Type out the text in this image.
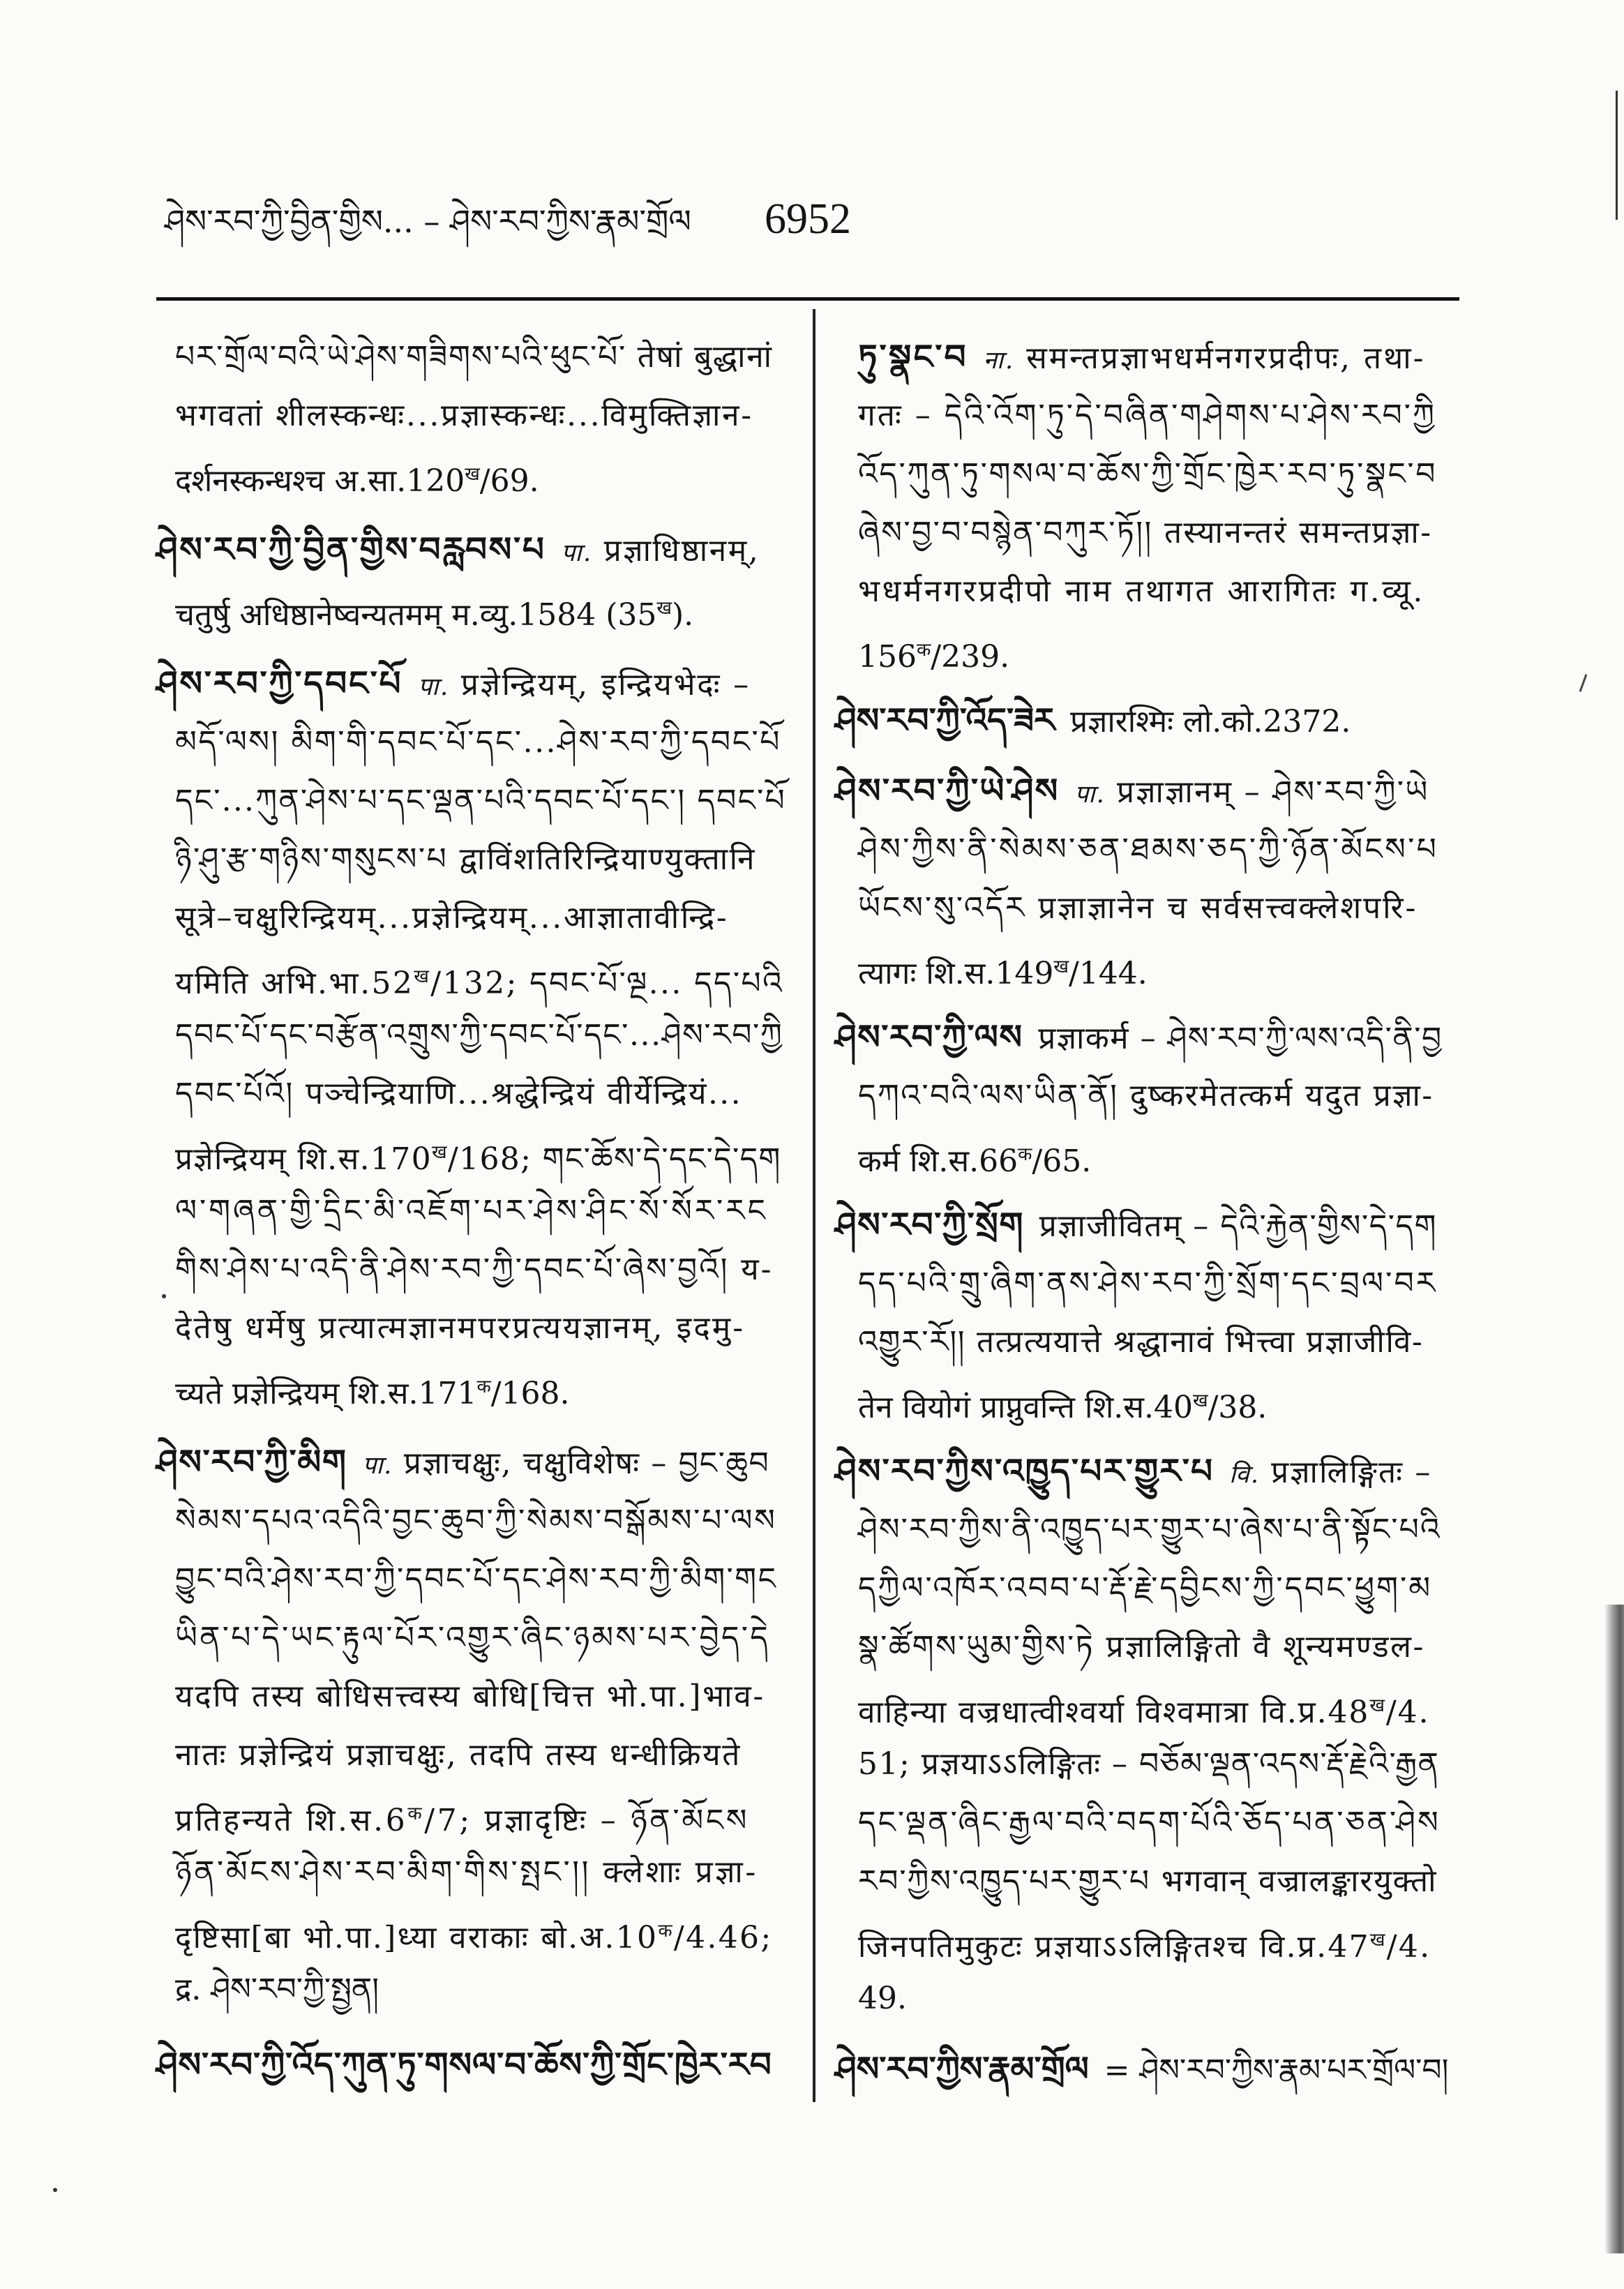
ཤེས་རབ་ཀྱི་བྱིན་གྱིས... – ཤེས་རབ་ཀྱིས་རྣམ་གྲོལ	6952
པར་གྲོལ་བའི་ཡེ་ཤེས་གཟིགས་པའི་ཕུང་པོ་ तेषां बुद्धानां
भगवतां शीलस्कन्धः...प्रज्ञास्कन्धः...विमुक्तिज्ञान-
दर्शनस्कन्धश्च $अ.सा.120^ख/69$.
ཤེས་རབ་ཀྱི་བྱིན་གྱིས་བརླབས་པ पा. प्रज्ञाधिष्ठानम्,
चतुर्षु अधिष्ठानेष्वन्यतमम् म.व्यु.1584 $(35^ख)$.
ཤེས་རབ་ཀྱི་དབང་པོ पा. प्रज्ञेन्द्रियम्, इन्द्रियभेदः –
མདོ་ལས། མིག་གི་དབང་པོ་དང་...ཤེས་རབ་ཀྱི་དབང་པོ
དང་...ཀུན་ཤེས་པ་དང་ལྡན་པའི་དབང་པོ་དང་། དབང་པོ
ཉི་ཤུ་རྩ་གཉིས་གསུངས་པ द्वाविंशतिरिन्द्रियाण्युक्तानि
सूत्रे–चक्षुरिन्द्रियम्...प्रज्ञेन्द्रियम्...आज्ञातावीन्द्रि-
यमिति $अभि.भा.52^ख/132$; དབང་པོ་ལྔ... དད་པའི
དབང་པོ་དང་བརྩོན་འགྲུས་ཀྱི་དབང་པོ་དང་...ཤེས་རབ་ཀྱི
དབང་པོའོ། पञ्चेन्द्रियाणि...श्रद्धेन्द्रियं वीर्येन्द्रियं...
प्रज्ञेन्द्रियम् $शि.स.170^ख/168$; གང་ཆོས་དེ་དང་དེ་དག
ལ་གཞན་གྱི་དྲིང་མི་འཇོག་པར་ཤེས་ཤིང་སོ་སོར་རང
གིས་ཤེས་པ་འདི་ནི་ཤེས་རབ་ཀྱི་དབང་པོ་ཞེས་བྱའོ། य-
देतेषु धर्मेषु प्रत्यात्मज्ञानमपरप्रत्ययज्ञानम्, इदमु-
च्यते प्रज्ञेन्द्रियम् $शि.स.171^क/168$.
ཤེས་རབ་ཀྱི་མིག पा. प्रज्ञाचक्षुः, चक्षुविशेषः – བྱང་ཆུབ
སེམས་དཔའ་འདིའི་བྱང་ཆུབ་ཀྱི་སེམས་བསྒོམས་པ་ལས
བྱུང་བའི་ཤེས་རབ་ཀྱི་དབང་པོ་དང་ཤེས་རབ་ཀྱི་མིག་གང
ཡིན་པ་དེ་ཡང་རྟུལ་པོར་འགྱུར་ཞིང་ཉམས་པར་བྱེད་དེ
यदपि तस्य बोधिसत्त्वस्य बोधि[चित्त भो.पा.]भाव-
नातः प्रज्ञेन्द्रियं प्रज्ञाचक्षुः, तदपि तस्य धन्धीक्रियते
प्रतिहन्यते $शि.स.6^क/7$; प्रज्ञादृष्टिः – ཉོན་མོངས
ཉོན་མོངས་ཤེས་རབ་མིག་གིས་སྤང་།། क्लेशाः प्रज्ञा-
दृष्टिसा[बा भो.पा.]ध्या वराकाः $बो.अ.10^क/4.46$;
द्र. ཤེས་རབ་ཀྱི་སྤྱན།
ཤེས་རབ་ཀྱི་འོད་ཀུན་ཏུ་གསལ་བ་ཆོས་ཀྱི་གྲོང་ཁྱེར་རབ
ཏུ་སྣང་བ ना. समन्तप्रज्ञाभधर्मनगरप्रदीपः, तथा-
गतः – དེའི་འོག་ཏུ་དེ་བཞིན་གཤེགས་པ་ཤེས་རབ་ཀྱི
འོད་ཀུན་ཏུ་གསལ་བ་ཆོས་ཀྱི་གྲོང་ཁྱེར་རབ་ཏུ་སྣང་བ
ཞེས་བྱ་བ་བསྙེན་བཀུར་ཏོ།། तस्यानन्तरं समन्तप्रज्ञा-
भधर्मनगरप्रदीपो नाम तथागत आरागितः ग.व्यू.
$156^क/239$.
ཤེས་རབ་ཀྱི་འོད་ཟེར प्रज्ञारश्मिः लो.को.2372.
ཤེས་རབ་ཀྱི་ཡེ་ཤེས पा. प्रज्ञाज्ञानम् – ཤེས་རབ་ཀྱི་ཡེ
ཤེས་ཀྱིས་ནི་སེམས་ཅན་ཐམས་ཅད་ཀྱི་ཉོན་མོངས་པ
ཡོངས་སུ་འདོར प्रज्ञाज्ञानेन च सर्वसत्त्वक्लेशपरि-
त्यागः $शि.स.149^ख/144$.
ཤེས་རབ་ཀྱི་ལས प्रज्ञाकर्म – ཤེས་རབ་ཀྱི་ལས་འདི་ནི་བྱ
དཀའ་བའི་ལས་ཡིན་ནོ། दुष्करमेतत्कर्म यदुत प्रज्ञा-
कर्म $शि.स.66^क/65$.
ཤེས་རབ་ཀྱི་སྲོག प्रज्ञाजीवितम् – དེའི་རྐྱེན་གྱིས་དེ་དག
དད་པའི་གྲུ་ཞིག་ནས་ཤེས་རབ་ཀྱི་སྲོག་དང་བྲལ་བར
འགྱུར་རོ།། तत्प्रत्ययात्ते श्रद्धानावं भित्त्वा प्रज्ञाजीवि-
तेन वियोगं प्राप्नुवन्ति $शि.स.40^ख/38$.
ཤེས་རབ་ཀྱིས་འཁྱུད་པར་གྱུར་པ वि. प्रज्ञालिङ्गितः –
ཤེས་རབ་ཀྱིས་ནི་འཁྱུད་པར་གྱུར་པ་ཞེས་པ་ནི་སྟོང་པའི
དཀྱིལ་འཁོར་འབབ་པ་རྡོ་རྗེ་དབྱིངས་ཀྱི་དབང་ཕྱུག་མ
སྣ་ཚོགས་ཡུམ་གྱིས་ཏེ प्रज्ञालिङ्गितो वै शून्यमण्डल-
वाहिन्या वज्रधात्वीश्वर्या विश्वमात्रा $वि.प्र.48^ख/4$.
51; प्रज्ञयाऽऽलिङ्गितः – བཅོམ་ལྡན་འདས་རྡོ་རྗེའི་རྒྱན
དང་ལྡན་ཞིང་རྒྱལ་བའི་བདག་པོའི་ཅོད་པན་ཅན་ཤེས
རབ་ཀྱིས་འཁྱུད་པར་གྱུར་པ भगवान् वज्रालङ्कारयुक्तो
जिनपतिमुकुटः प्रज्ञयाऽऽलिङ्गितश्च $वि.प्र.47^ख/4$.
49.
ཤེས་རབ་ཀྱིས་རྣམ་གྲོལ = ཤེས་རབ་ཀྱིས་རྣམ་པར་གྲོལ་བ།
